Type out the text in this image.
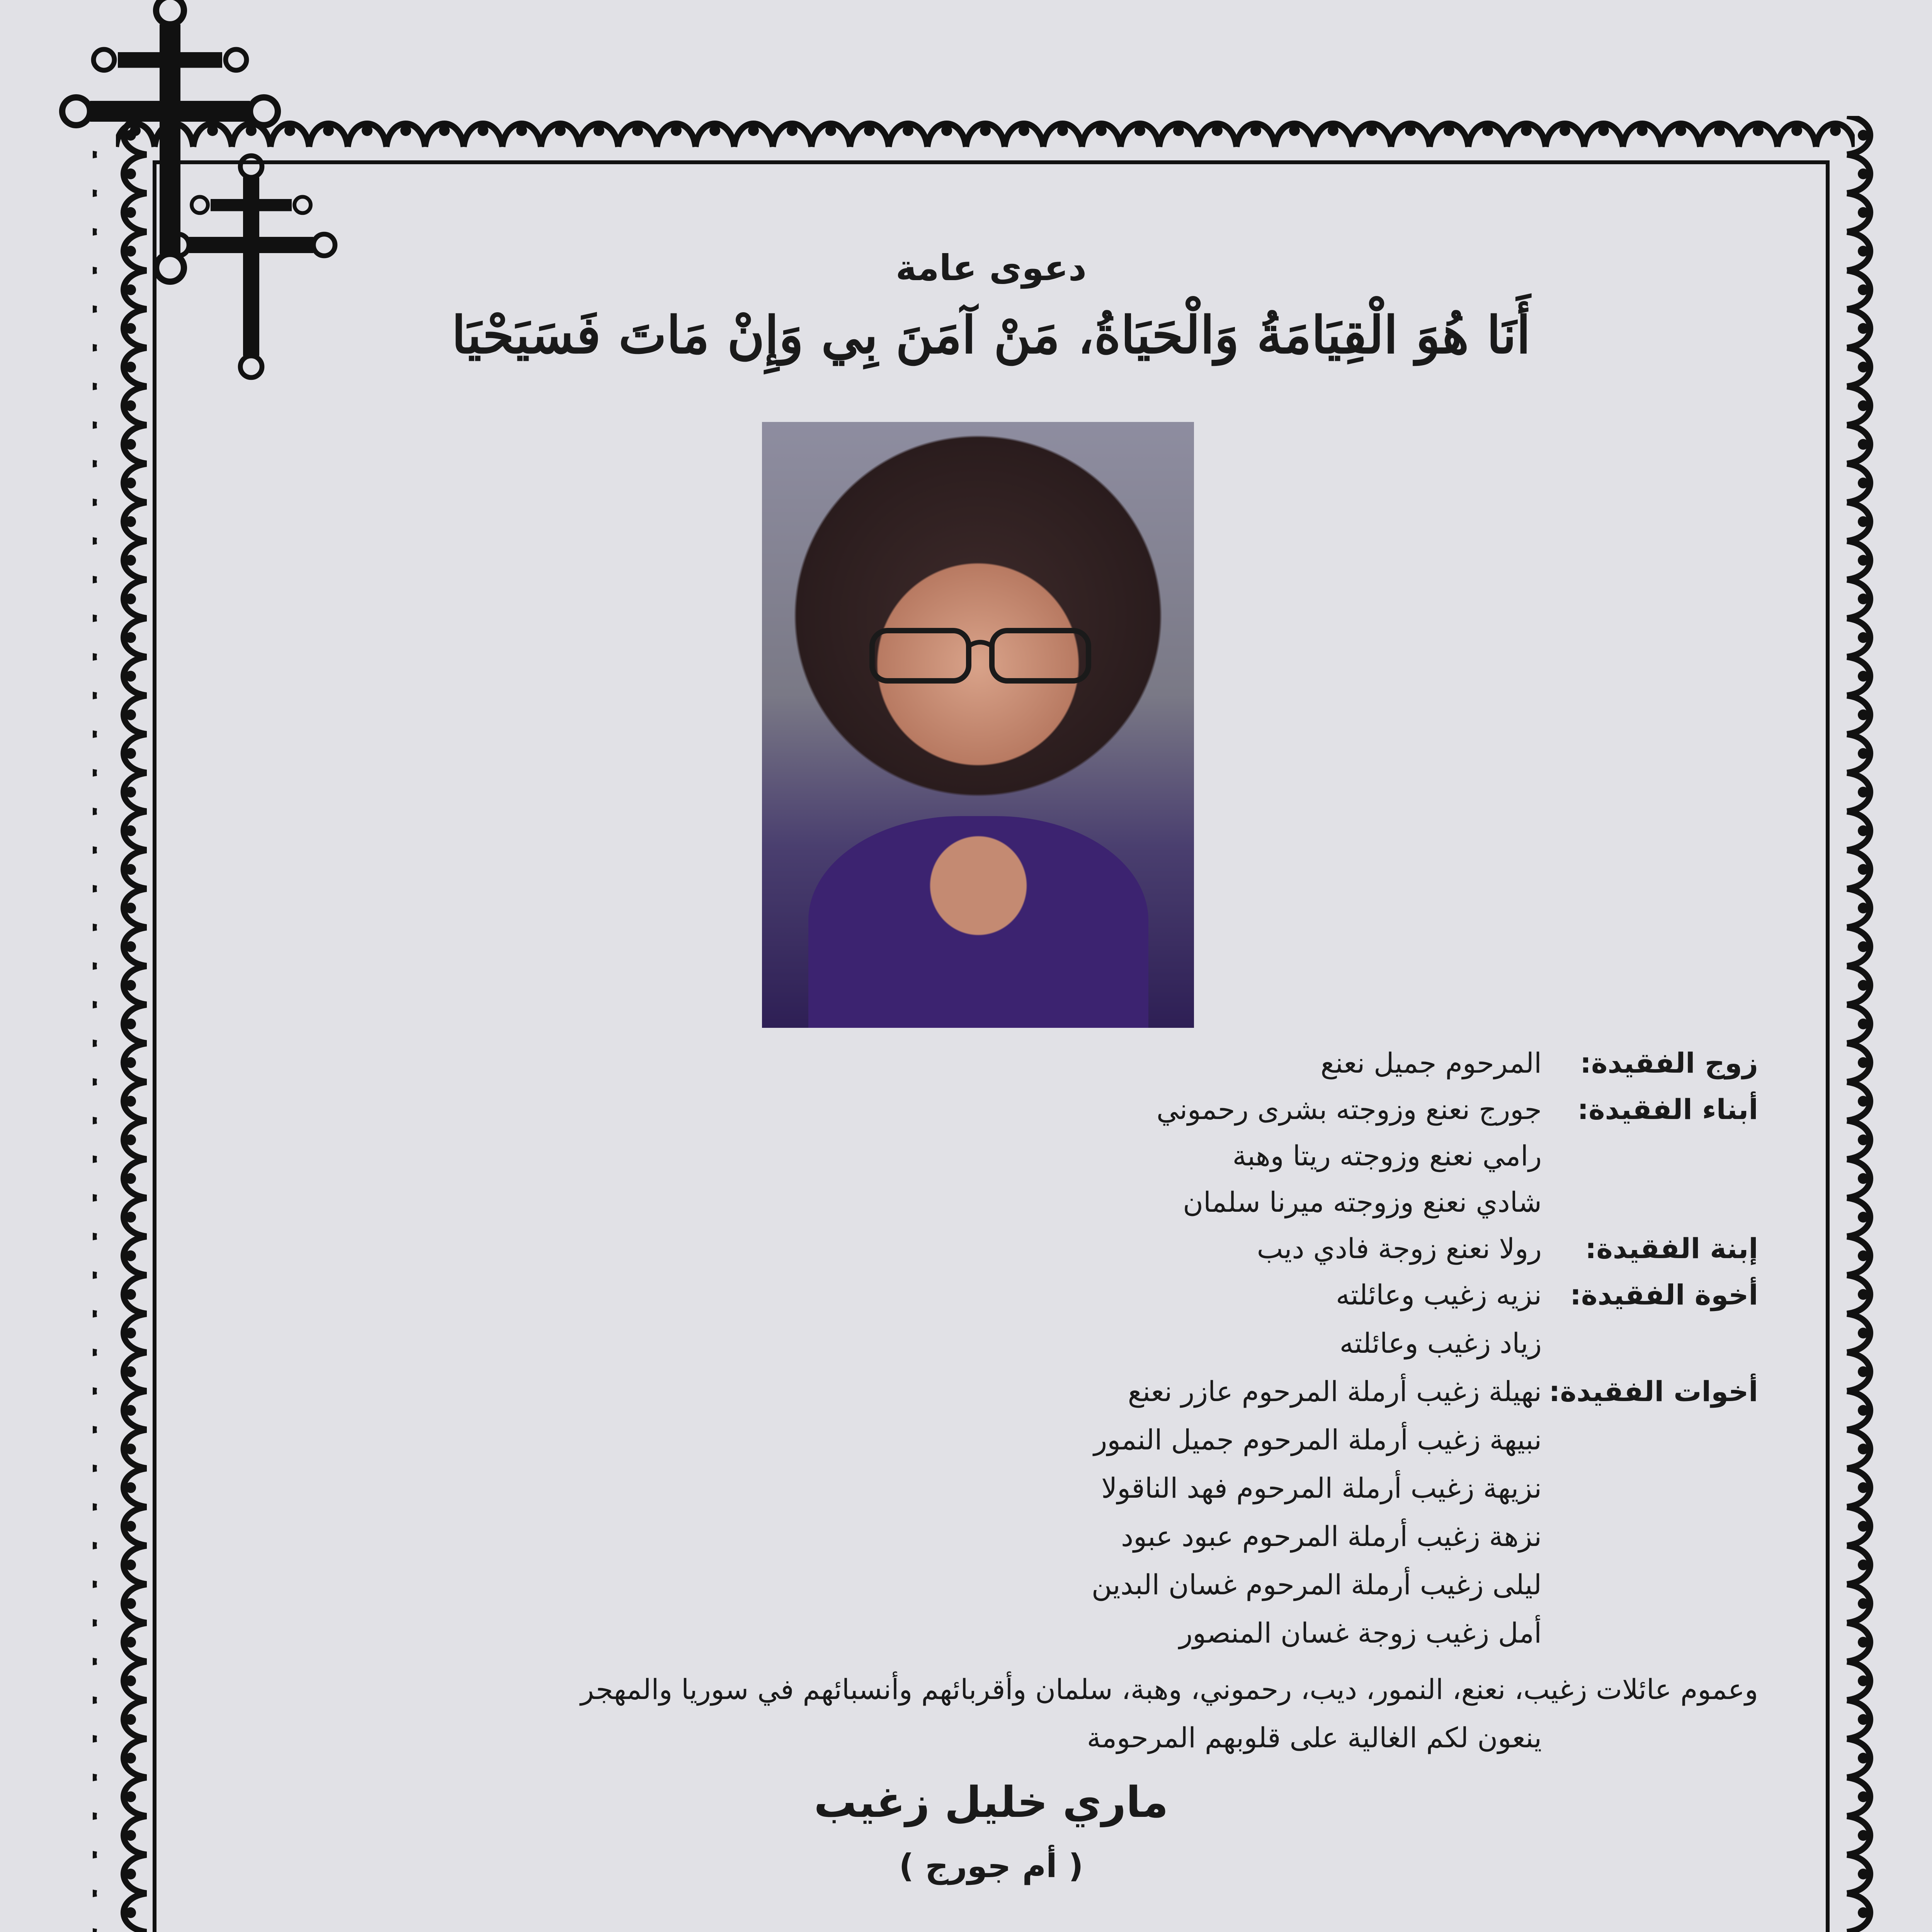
دعوى عامة
أَنَا هُوَ الْقِيَامَةُ وَالْحَيَاةُ، مَنْ آمَنَ بِي وَإِنْ مَاتَ فَسَيَحْيَا
زوج الفقيدة:المرحوم جميل نعنع
أبناء الفقيدة:جورج نعنع وزوجته بشرى رحموني
رامي نعنع وزوجته ريتا وهبة
شادي نعنع وزوجته ميرنا سلمان
إبنة الفقيدة:رولا نعنع زوجة فادي ديب
أخوة الفقيدة:نزيه زغيب وعائلته
زياد زغيب وعائلته
أخوات الفقيدة:نهيلة زغيب أرملة المرحوم عازر نعنع
نبيهة زغيب أرملة المرحوم جميل النمور
نزيهة زغيب أرملة المرحوم فهد الناقولا
نزهة زغيب أرملة المرحوم عبود عبود
ليلى زغيب أرملة المرحوم غسان البدين
أمل زغيب زوجة غسان المنصور
وعموم عائلات زغيب، نعنع، النمور، ديب، رحموني، وهبة، سلمان وأقربائهم وأنسبائهم في سوريا والمهجر
ينعون لكم الغالية على قلوبهم المرحومة
ماري خليل زغيب
( أم جورج )
